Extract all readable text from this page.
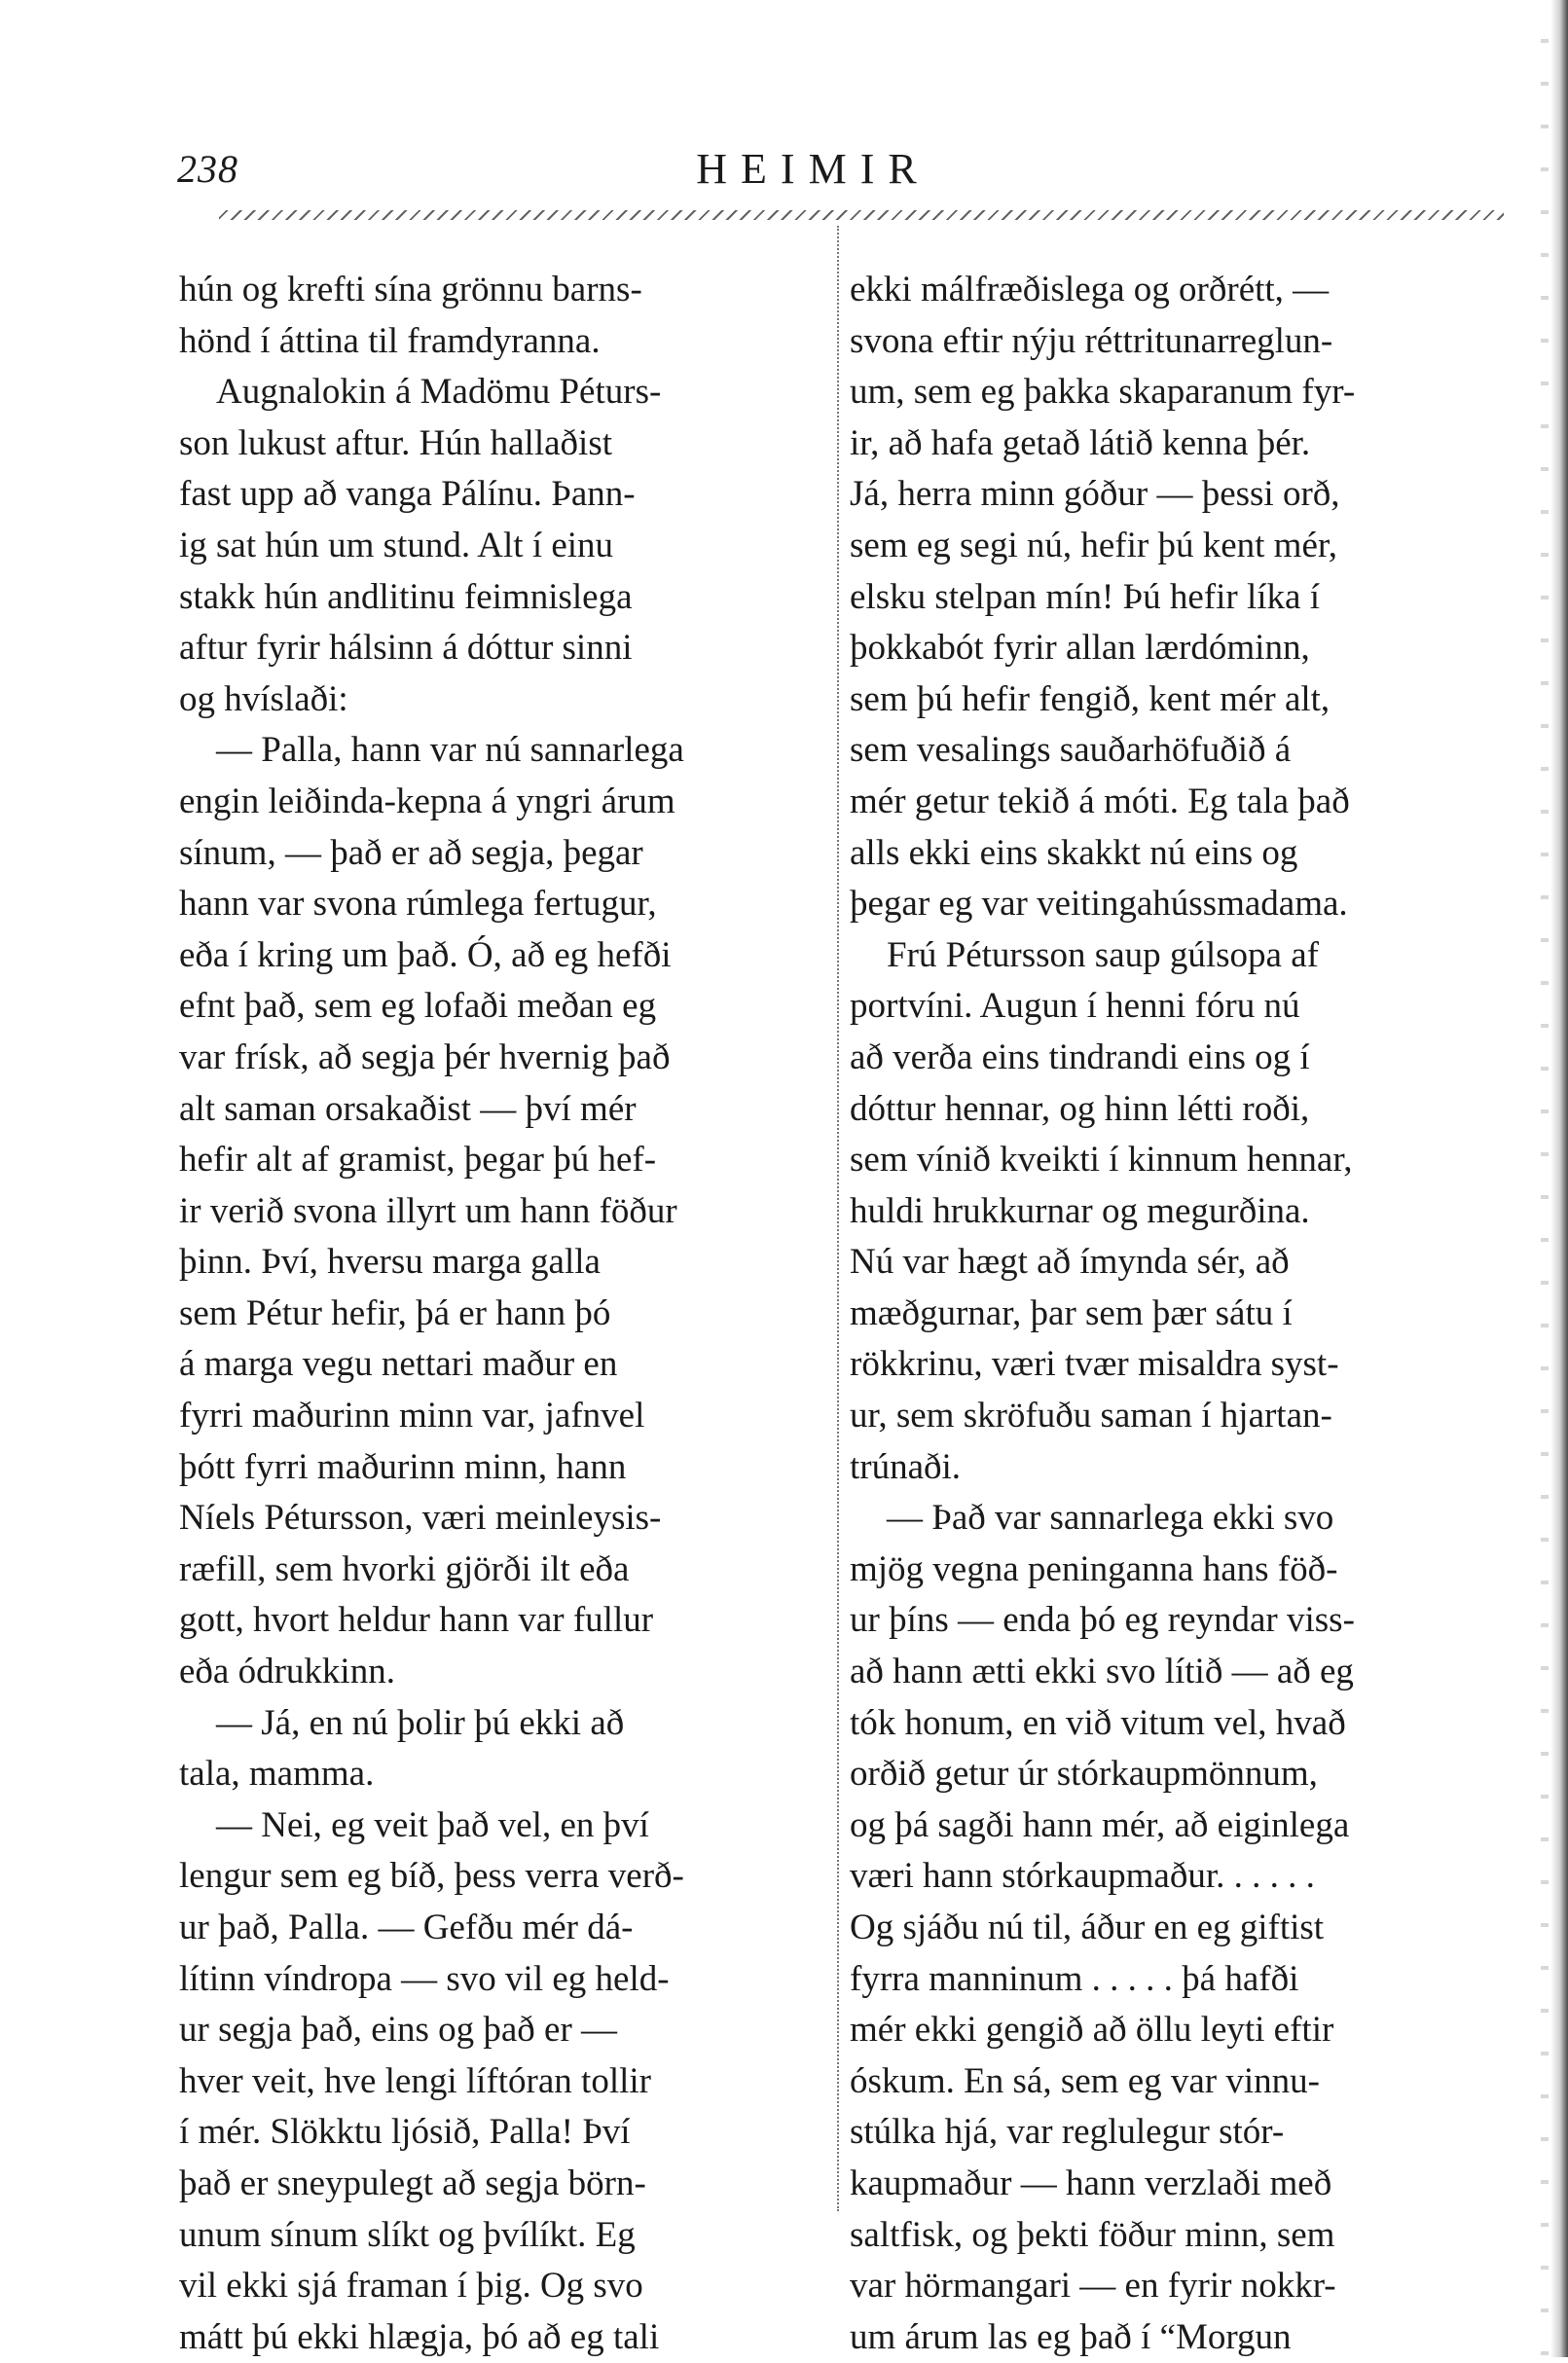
238	HEIMIR
hún og krefti sína grönnu barns-
hönd í áttina til framdyranna.
Augnalokin á Madömu Péturs-
son lukust aftur. Hún hallaðist
fast upp að vanga Pálínu. Þann-
ig sat hún um stund. Alt í einu
stakk hún andlitinu feimnislega
aftur fyrir hálsinn á dóttur sinni
og hvíslaði:
— Palla, hann var nú sannarlega
engin leiðinda-kepna á yngri árum
sínum, — það er að segja, þegar
hann var svona rúmlega fertugur,
eða í kring um það. Ó, að eg hefði
efnt það, sem eg lofaði meðan eg
var frísk, að segja þér hvernig það
alt saman orsakaðist — því mér
hefir alt af gramist, þegar þú hef-
ir verið svona illyrt um hann föður
þinn. Því, hversu marga galla
sem Pétur hefir, þá er hann þó
á marga vegu nettari maður en
fyrri maðurinn minn var, jafnvel
þótt fyrri maðurinn minn, hann
Níels Pétursson, væri meinleysis-
ræfill, sem hvorki gjörði ilt eða
gott, hvort heldur hann var fullur
eða ódrukkinn.
— Já, en nú þolir þú ekki að
tala, mamma.
— Nei, eg veit það vel, en því
lengur sem eg bíð, þess verra verð-
ur það, Palla. — Gefðu mér dá-
lítinn víndropa — svo vil eg held-
ur segja það, eins og það er —
hver veit, hve lengi líftóran tollir
í mér. Slökktu ljósið, Palla! Því
það er sneypulegt að segja börn-
unum sínum slíkt og þvílíkt. Eg
vil ekki sjá framan í þig. Og svo
mátt þú ekki hlægja, þó að eg tali
ekki málfræðislega og orðrétt, —
svona eftir nýju réttritunarreglun-
um, sem eg þakka skaparanum fyr-
ir, að hafa getað látið kenna þér.
Já, herra minn góður — þessi orð,
sem eg segi nú, hefir þú kent mér,
elsku stelpan mín! Þú hefir líka í
þokkabót fyrir allan lærdóminn,
sem þú hefir fengið, kent mér alt,
sem vesalings sauðarhöfuðið á
mér getur tekið á móti. Eg tala það
alls ekki eins skakkt nú eins og
þegar eg var veitingahússmadama.
Frú Pétursson saup gúlsopa af
portvíni. Augun í henni fóru nú
að verða eins tindrandi eins og í
dóttur hennar, og hinn létti roði,
sem vínið kveikti í kinnum hennar,
huldi hrukkurnar og megurðina.
Nú var hægt að ímynda sér, að
mæðgurnar, þar sem þær sátu í
rökkrinu, væri tvær misaldra syst-
ur, sem skröfuðu saman í hjartan-
trúnaði.
— Það var sannarlega ekki svo
mjög vegna peninganna hans föð-
ur þíns — enda þó eg reyndar viss-
að hann ætti ekki svo lítið — að eg
tók honum, en við vitum vel, hvað
orðið getur úr stórkaupmönnum,
og þá sagði hann mér, að eiginlega
væri hann stórkaupmaður. . . . . .
Og sjáðu nú til, áður en eg giftist
fyrra manninum . . . . . þá hafði
mér ekki gengið að öllu leyti eftir
óskum. En sá, sem eg var vinnu-
stúlka hjá, var reglulegur stór-
kaupmaður — hann verzlaði með
saltfisk, og þekti föður minn, sem
var hörmangari — en fyrir nokkr-
um árum las eg það í “Morgun
